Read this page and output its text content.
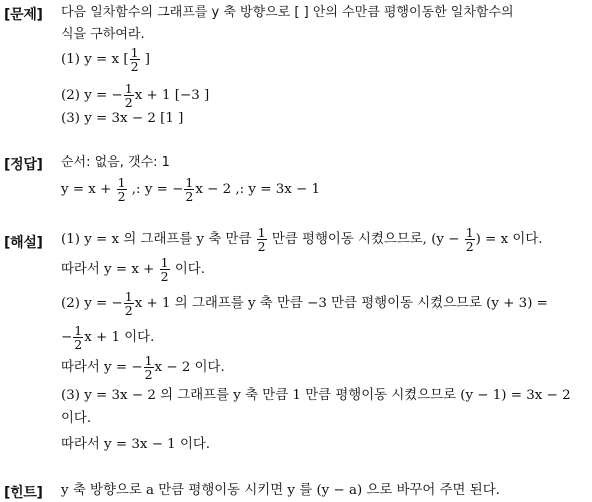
[문제] 다음 일차함수의 그래프를 y 축 방향으로 [ ] 안의 수만큼 평행이동한 일차함수의
식을 구하여라.
(1) y = x [ $\frac{1}{2}$ ]
(2) y = − $\frac{1}{2}$ x + 1 [−3 ]
(3) y = 3x − 2 [1 ]
[정답] 순서: 없음, 갯수: 1
$y = x + \frac{1}{2}$ ,: y = − $\frac{1}{2}$ x − 2 ,: y = 3x − 1
[해설] (1) y = x 의 그래프를 y 축 만큼 $\frac{1}{2}$ 만큼 평행이동 시켰으므로, ($y - \frac{1}{2}$ ) = x 이다.
따라서 $y = x + \frac{1}{2}$ 이다.
(2) y = − $\frac{1}{2}$ x + 1 의 그래프를 y 축 만큼 −3 만큼 평행이동 시켰으므로 (y + 3) =
− $\frac{1}{2}$ x + 1 이다.
따라서 y = − $\frac{1}{2}$ x − 2 이다.
(3) y = 3x − 2 의 그래프를 y 축 만큼 1 만큼 평행이동 시켰으므로 (y − 1) = 3x − 2
이다.
따라서 y = 3x − 1 이다.
[힌트] y 축 방향으로 a 만큼 평행이동 시키면 y 를 (y − a) 으로 바꾸어 주면 된다.
